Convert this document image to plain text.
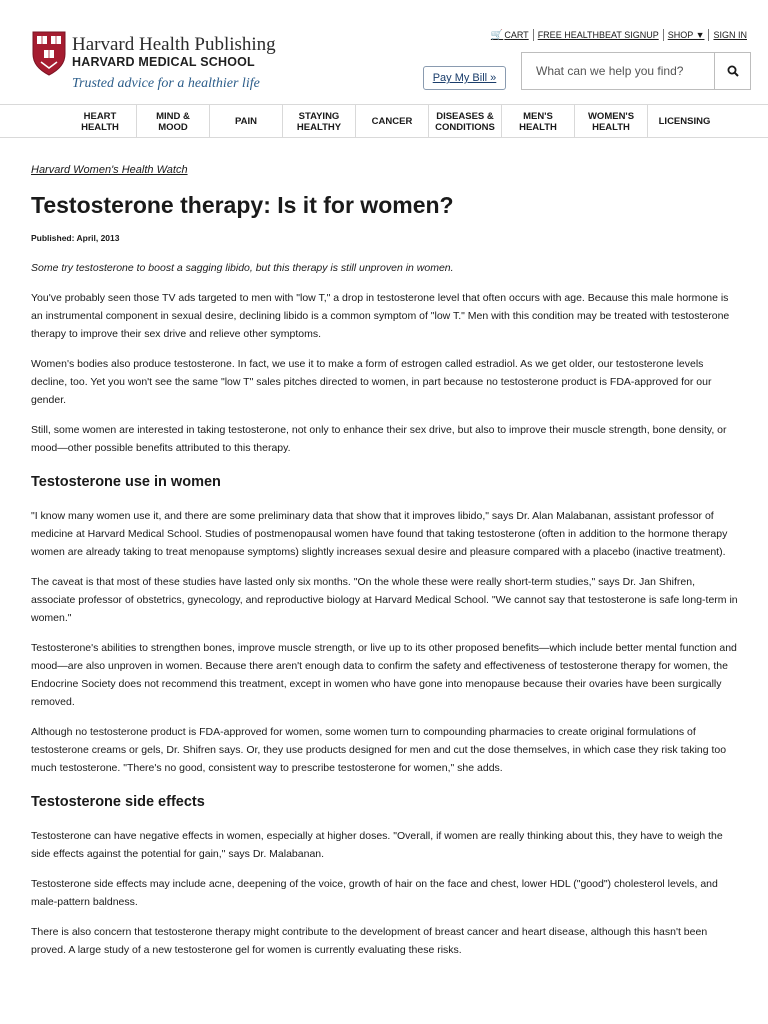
Harvard Health Publishing
HARVARD MEDICAL SCHOOL
Trusted advice for a healthier life
🛒CART	FREE HEALTHBEAT SIGNUP	SHOP ▼	SIGN IN
Pay My Bill »
What can we help you find?
HEART
HEALTH
MIND &
MOOD	PAIN	STAYING
HEALTHY	CANCER	DISEASES &
CONDITIONS
MEN'S
HEALTH
WOMEN'S
HEALTH	LICENSING
Harvard Women's Health Watch
Testosterone therapy: Is it for women?
Published: April, 2013

Some try testosterone to boost a sagging libido, but this therapy is still unproven in women.

You've probably seen those TV ads targeted to men with "low T," a drop in testosterone level that often occurs with age. Because this male hormone is an instrumental component in sexual desire, declining libido is a common symptom of "low T." Men with this condition may be treated with testosterone therapy to improve their sex drive and relieve other symptoms.

Women's bodies also produce testosterone. In fact, we use it to make a form of estrogen called estradiol. As we get older, our testosterone levels decline, too. Yet you won't see the same "low T" sales pitches directed to women, in part because no testosterone product is FDA-approved for our gender.

Still, some women are interested in taking testosterone, not only to enhance their sex drive, but also to improve their muscle strength, bone density, or mood—other possible benefits attributed to this therapy.

Testosterone use in women

"I know many women use it, and there are some preliminary data that show that it improves libido," says Dr. Alan Malabanan, assistant professor of medicine at Harvard Medical School. Studies of postmenopausal women have found that taking testosterone (often in addition to the hormone therapy women are already taking to treat menopause symptoms) slightly increases sexual desire and pleasure compared with a placebo (inactive treatment).

The caveat is that most of these studies have lasted only six months. "On the whole these were really short-term studies," says Dr. Jan Shifren, associate professor of obstetrics, gynecology, and reproductive biology at Harvard Medical School. "We cannot say that testosterone is safe long-term in women."

Testosterone's abilities to strengthen bones, improve muscle strength, or live up to its other proposed benefits—which include better mental function and mood—are also unproven in women. Because there aren't enough data to confirm the safety and effectiveness of testosterone therapy for women, the Endocrine Society does not recommend this treatment, except in women who have gone into menopause because their ovaries have been surgically removed.

Although no testosterone product is FDA-approved for women, some women turn to compounding pharmacies to create original formulations of testosterone creams or gels, Dr. Shifren says. Or, they use products designed for men and cut the dose themselves, in which case they risk taking too much testosterone. "There's no good, consistent way to prescribe testosterone for women," she adds.

Testosterone side effects

Testosterone can have negative effects in women, especially at higher doses. "Overall, if women are really thinking about this, they have to weigh the side effects against the potential for gain," says Dr. Malabanan.

Testosterone side effects may include acne, deepening of the voice, growth of hair on the face and chest, lower HDL ("good") cholesterol levels, and male-pattern baldness.

There is also concern that testosterone therapy might contribute to the development of breast cancer and heart disease, although this hasn't been proved. A large study of a new testosterone gel for women is currently evaluating these risks.
